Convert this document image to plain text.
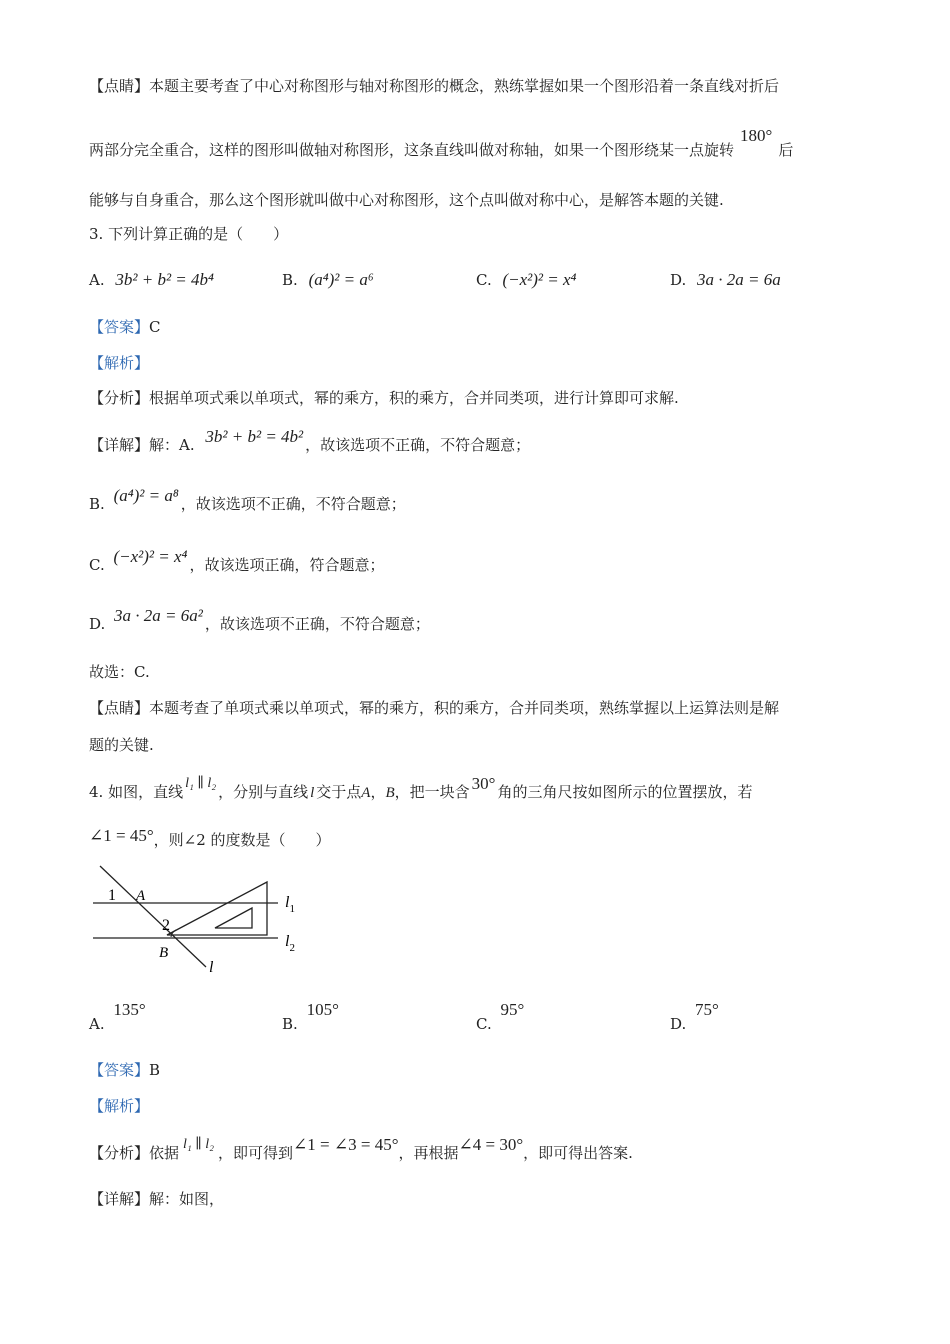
【点睛】本题主要考查了中心对称图形与轴对称图形的概念，熟练掌握如果一个图形沿着一条直线对折后
两部分完全重合，这样的图形叫做轴对称图形，这条直线叫做对称轴，如果一个图形绕某一点旋转180°后
能够与自身重合，那么这个图形就叫做中心对称图形，这个点叫做对称中心，是解答本题的关键.
3. 下列计算正确的是（　　）
A. 3b² + b² = 4b⁴	B. (a⁴)² = a⁶	C. (−x²)² = x⁴	D. 3a · 2a = 6a
【答案】C
【解析】
【分析】根据单项式乘以单项式，幂的乘方，积的乘方，合并同类项，进行计算即可求解.
【详解】解：A. 3b² + b² = 4b² ，故该选项不正确，不符合题意；
B. (a⁴)² = a⁸ ，故该选项不正确，不符合题意；
C. (−x²)² = x⁴ ，故该选项正确，符合题意；
D. 3a · 2a = 6a² ，故该选项不正确，不符合题意；
故选：C.
【点睛】本题考查了单项式乘以单项式，幂的乘方，积的乘方，合并同类项，熟练掌握以上运算法则是解
题的关键.
4. 如图，直线 l₁ ∥ l₂ ，分别与直线 l 交于点A，B，把一块含 30° 角的三角尺按如图所示的位置摆放，若
∠1 = 45°，则∠2 的度数是（　　）
1 A
2
B
l
$l_1$
$l_2$
A. 135°
B. 105°
C. 95°
D. 75°
【答案】B
【解析】
【分析】依据 l₁ ∥ l₂ ，即可得到∠1 = ∠3 = 45°，再根据∠4 = 30°，即可得出答案.
【详解】解：如图，
